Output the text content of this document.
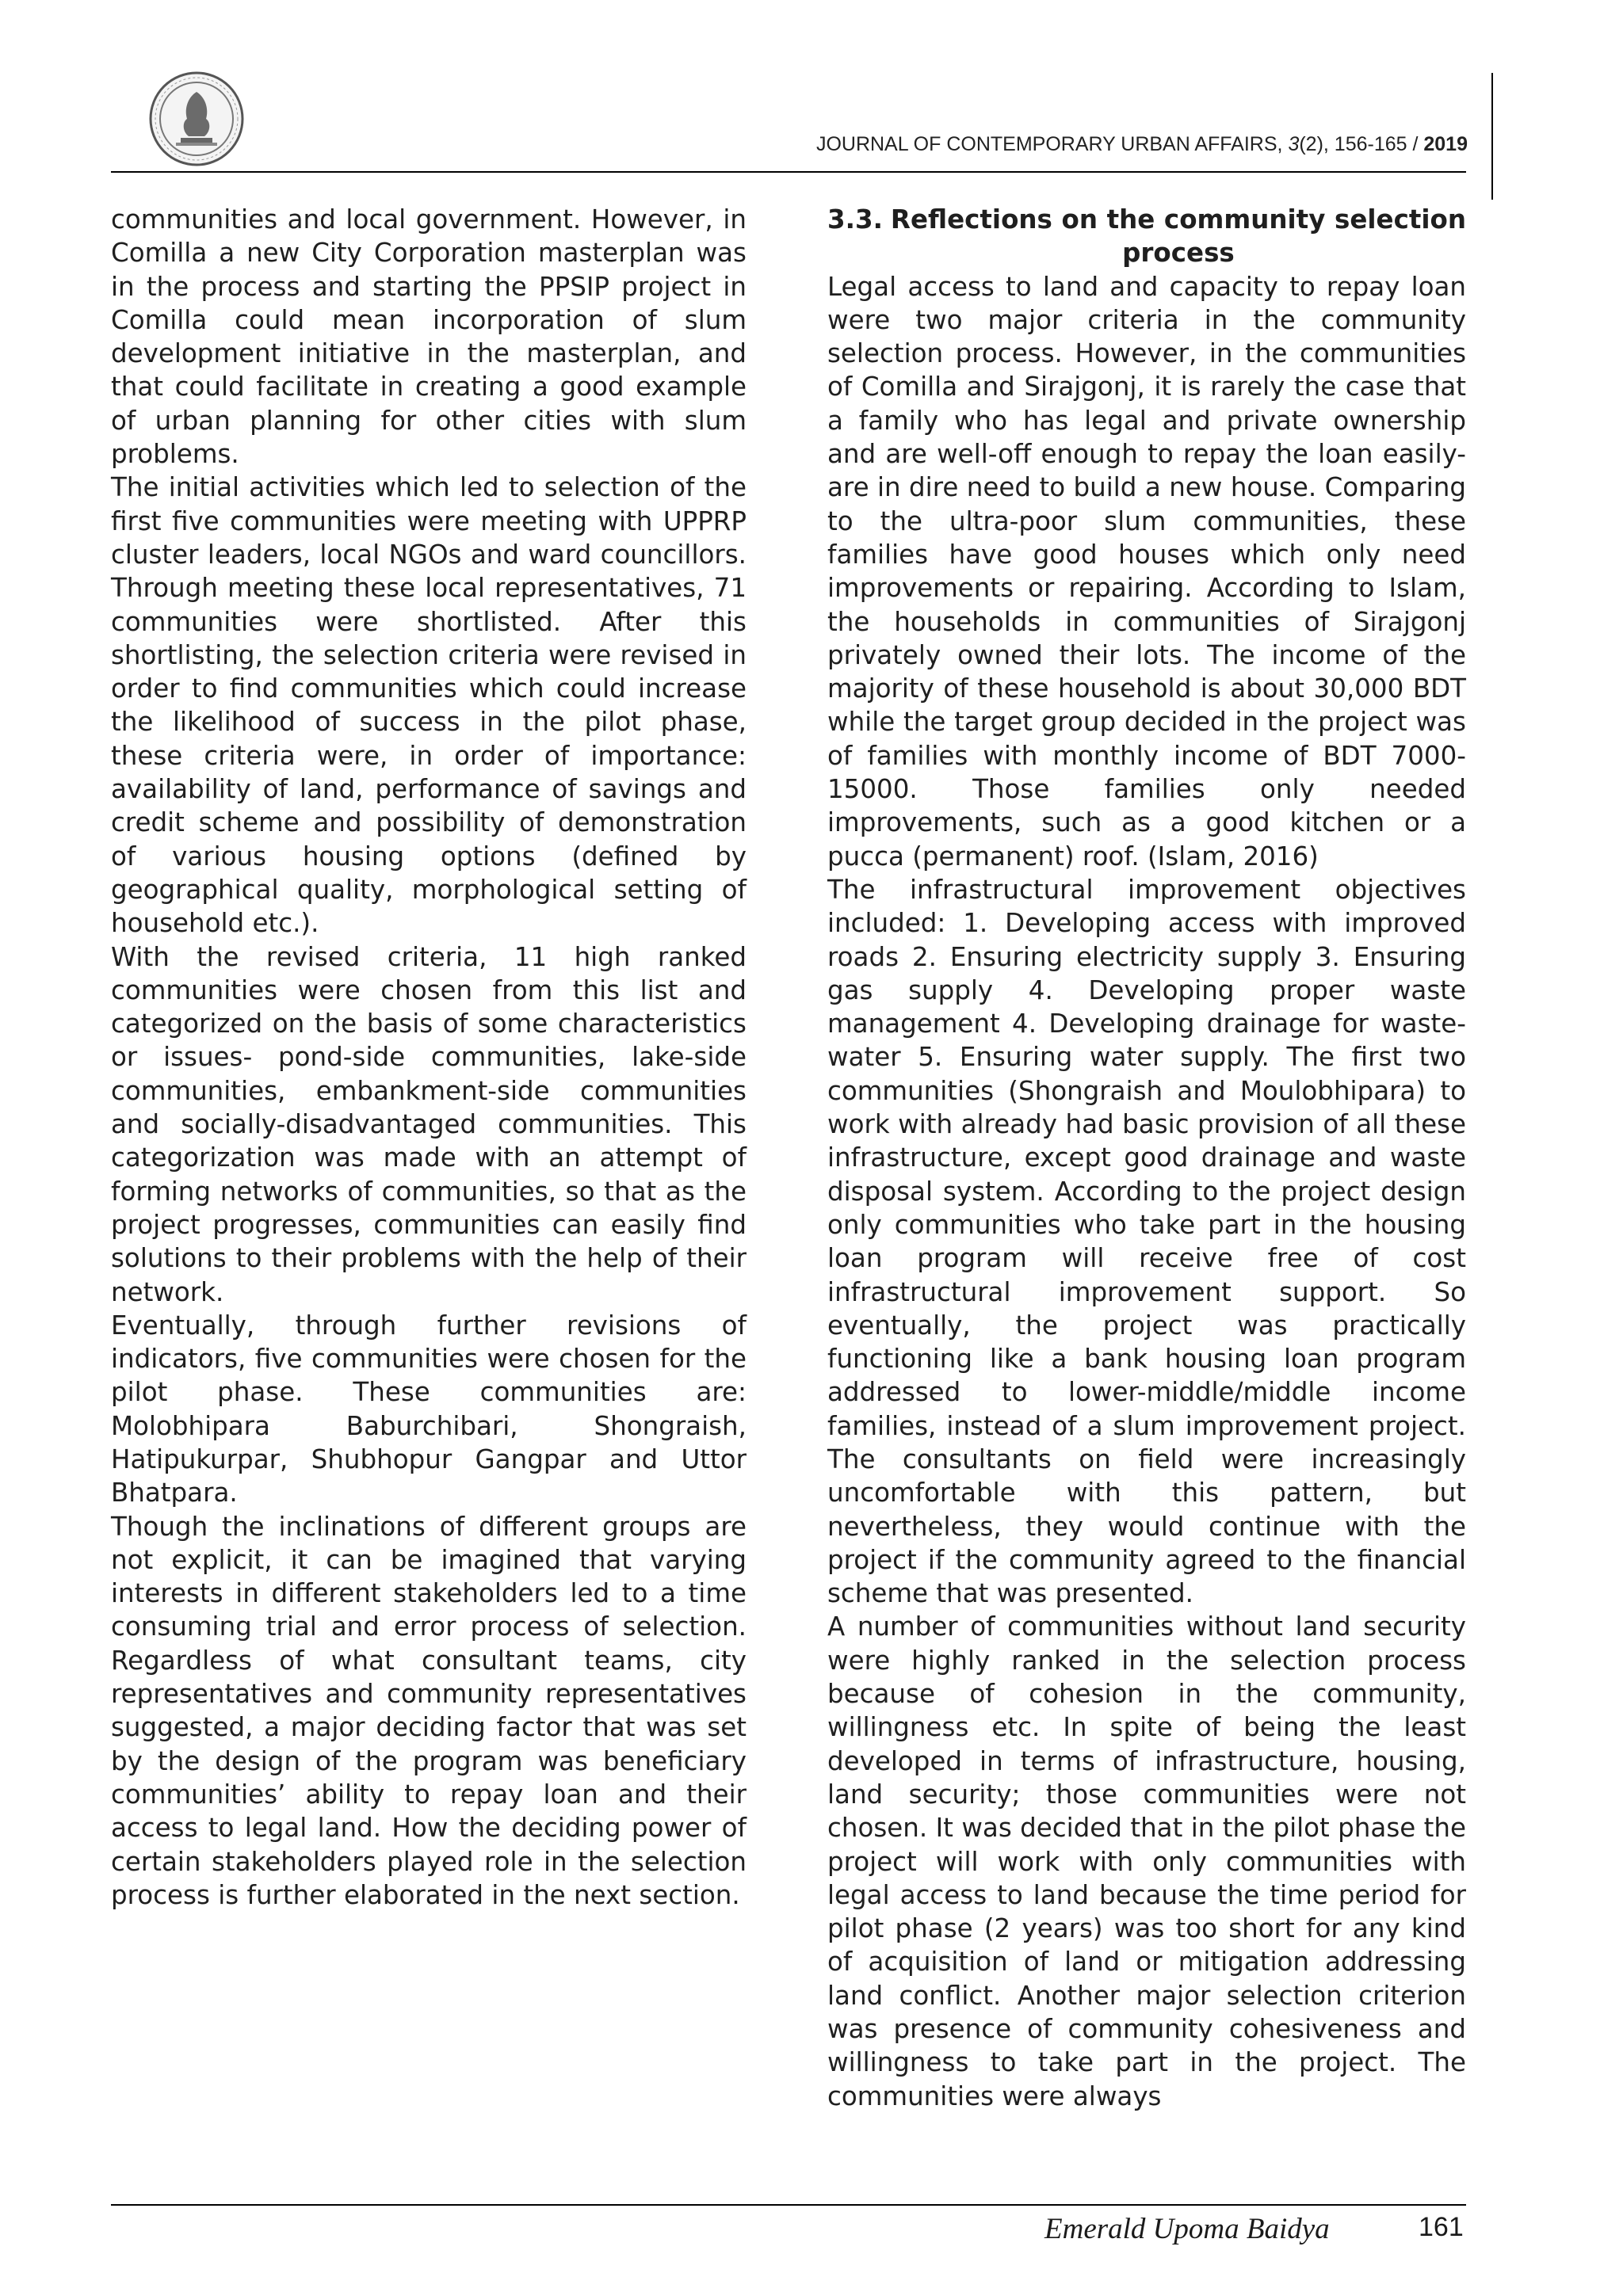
JOURNAL OF CONTEMPORARY URBAN AFFAIRS, 3(2), 156-165 / 2019

communities and local government. However, in Comilla a new City Corporation masterplan was in the process and starting the PPSIP project in Comilla could mean incorporation of slum development initiative in the masterplan, and that could facilitate in creating a good example of urban planning for other cities with slum problems.

The initial activities which led to selection of the first five communities were meeting with UPPRP cluster leaders, local NGOs and ward councillors. Through meeting these local representatives, 71 communities were shortlisted. After this shortlisting, the selection criteria were revised in order to find communities which could increase the likelihood of success in the pilot phase, these criteria were, in order of importance: availability of land, performance of savings and credit scheme and possibility of demonstration of various housing options (defined by geographical quality, morphological setting of household etc.).

With the revised criteria, 11 high ranked communities were chosen from this list and categorized on the basis of some characteristics or issues- pond-side communities, lake-side communities, embankment-side communities and socially-disadvantaged communities. This categorization was made with an attempt of forming networks of communities, so that as the project progresses, communities can easily find solutions to their problems with the help of their network.

Eventually, through further revisions of indicators, five communities were chosen for the pilot phase. These communities are: Molobhipara Baburchibari, Shongraish, Hatipukurpar, Shubhopur Gangpar and Uttor Bhatpara.

Though the inclinations of different groups are not explicit, it can be imagined that varying interests in different stakeholders led to a time consuming trial and error process of selection. Regardless of what consultant teams, city representatives and community representatives suggested, a major deciding factor that was set by the design of the program was beneficiary communities’ ability to repay loan and their access to legal land. How the deciding power of certain stakeholders played role in the selection process is further elaborated in the next section.

3.3. Reflections on the community selection process

Legal access to land and capacity to repay loan were two major criteria in the community selection process. However, in the communities of Comilla and Sirajgonj, it is rarely the case that a family who has legal and private ownership and are well-off enough to repay the loan easily- are in dire need to build a new house. Comparing to the ultra-poor slum communities, these families have good houses which only need improvements or repairing. According to Islam, the households in communities of Sirajgonj privately owned their lots. The income of the majority of these household is about 30,000 BDT while the target group decided in the project was of families with monthly income of BDT 7000-15000. Those families only needed improvements, such as a good kitchen or a pucca (permanent) roof. (Islam, 2016)

The infrastructural improvement objectives included: 1. Developing access with improved roads 2. Ensuring electricity supply 3. Ensuring gas supply 4. Developing proper waste management 4. Developing drainage for waste-water 5. Ensuring water supply. The first two communities (Shongraish and Moulobhipara) to work with already had basic provision of all these infrastructure, except good drainage and waste disposal system. According to the project design only communities who take part in the housing loan program will receive free of cost infrastructural improvement support. So eventually, the project was practically functioning like a bank housing loan program addressed to lower-middle/middle income families, instead of a slum improvement project. The consultants on field were increasingly uncomfortable with this pattern, but nevertheless, they would continue with the project if the community agreed to the financial scheme that was presented.

A number of communities without land security were highly ranked in the selection process because of cohesion in the community, willingness etc. In spite of being the least developed in terms of infrastructure, housing, land security; those communities were not chosen. It was decided that in the pilot phase the project will work with only communities with legal access to land because the time period for pilot phase (2 years) was too short for any kind of acquisition of land or mitigation addressing land conflict. Another major selection criterion was presence of community cohesiveness and willingness to take part in the project. The communities were always

Emerald Upoma Baidya	161
